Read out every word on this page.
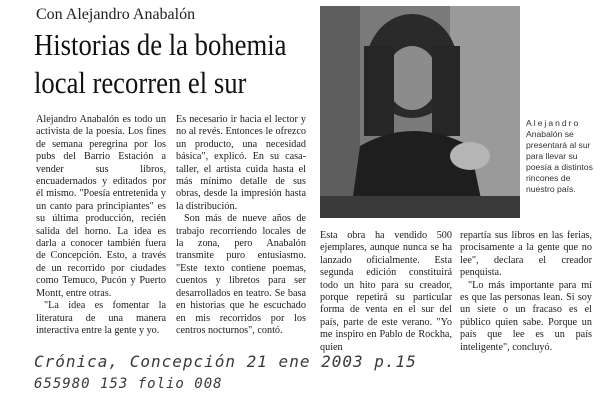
Con Alejandro Anabalón
Historias de la bohemia
local recorren el sur

Alejandro Anabalón es todo un activista de la poesía. Los fines de semana peregrina por los pubs del Barrio Estación a vender sus libros, encuadernados y editados por él mismo. "Poesía entretenida y un canto para principiantes" es su última producción, recién salida del horno. La idea es darla a conocer también fuera de Concepción. Esto, a través de un recorrido por ciudades como Temuco, Pucón y Puerto Montt, entre otras.

"La idea es fomentar la literatura de una manera interactiva entre la gente y yo.

Es necesario ir hacia el lector y no al revés. Entonces le ofrezco un producto, una necesidad básica", explicó. En su casa-taller, el artista cuida hasta el más mínimo detalle de sus obras, desde la impresión hasta la distribución.

Son más de nueve años de trabajo recorriendo locales de la zona, pero Anabalón transmite puro entusiasmo. "Este texto contiene poemas, cuentos y libretos para ser desarrollados en teatro. Se basa en historias que he escuchado en mis recorridos por los centros nocturnos", contó.

Alejandro
Anabalón se presentará al sur para llevar su poesía a distintos rincones de nuestro país.

Esta obra ha vendido 500 ejemplares, aunque nunca se ha lanzado oficialmente. Esta segunda edición constituirá todo un hito para su creador, porque repetirá su particular forma de venta en el sur del país, parte de este verano. "Yo me inspiro en Pablo de Rockha, quien

repartía sus libros en las ferias, procisamente a la gente que no lee", declara el creador penquista.

"Lo más importante para mí es que las personas lean. Si soy un siete o un fracaso es el público quien sabe. Porque un país que lee es un país inteligente", concluyó.

Crónica, Concepción 21 ene 2003 p.15
655980 153 folio 008
